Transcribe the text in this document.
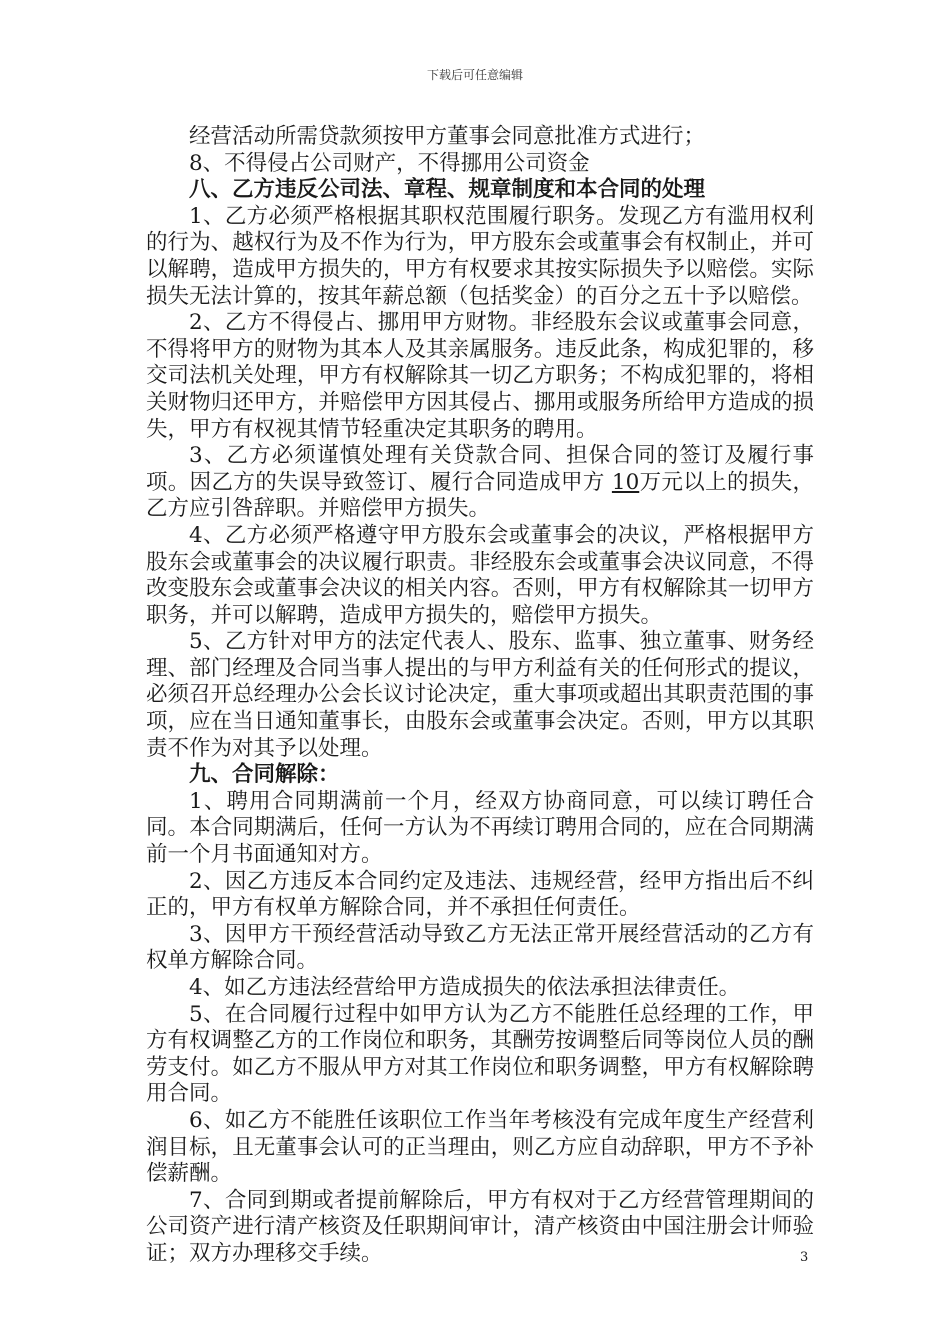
下载后可任意编辑

经营活动所需贷款须按甲方董事会同意批准方式进行；

8、不得侵占公司财产，不得挪用公司资金

八、乙方违反公司法、章程、规章制度和本合同的处理

1、乙方必须严格根据其职权范围履行职务。发现乙方有滥用权利的行为、越权行为及不作为行为，甲方股东会或董事会有权制止，并可以解聘，造成甲方损失的，甲方有权要求其按实际损失予以赔偿。实际损失无法计算的，按其年薪总额（包括奖金）的百分之五十予以赔偿。

2、乙方不得侵占、挪用甲方财物。非经股东会议或董事会同意，不得将甲方的财物为其本人及其亲属服务。违反此条，构成犯罪的，移交司法机关处理，甲方有权解除其一切乙方职务；不构成犯罪的，将相关财物归还甲方，并赔偿甲方因其侵占、挪用或服务所给甲方造成的损失，甲方有权视其情节轻重决定其职务的聘用。

3、乙方必须谨慎处理有关贷款合同、担保合同的签订及履行事项。因乙方的失误导致签订、履行合同造成甲方 10万元以上的损失，乙方应引咎辞职。并赔偿甲方损失。

4、乙方必须严格遵守甲方股东会或董事会的决议，严格根据甲方股东会或董事会的决议履行职责。非经股东会或董事会决议同意，不得改变股东会或董事会决议的相关内容。否则，甲方有权解除其一切甲方职务，并可以解聘，造成甲方损失的，赔偿甲方损失。

5、乙方针对甲方的法定代表人、股东、监事、独立董事、财务经理、部门经理及合同当事人提出的与甲方利益有关的任何形式的提议，必须召开总经理办公会长议讨论决定，重大事项或超出其职责范围的事项，应在当日通知董事长，由股东会或董事会决定。否则，甲方以其职责不作为对其予以处理。

九、合同解除：

1、聘用合同期满前一个月，经双方协商同意，可以续订聘任合同。本合同期满后，任何一方认为不再续订聘用合同的，应在合同期满前一个月书面通知对方。

2、因乙方违反本合同约定及违法、违规经营，经甲方指出后不纠正的，甲方有权单方解除合同，并不承担任何责任。

3、因甲方干预经营活动导致乙方无法正常开展经营活动的乙方有权单方解除合同。

4、如乙方违法经营给甲方造成损失的依法承担法律责任。

5、在合同履行过程中如甲方认为乙方不能胜任总经理的工作，甲方有权调整乙方的工作岗位和职务，其酬劳按调整后同等岗位人员的酬劳支付。如乙方不服从甲方对其工作岗位和职务调整，甲方有权解除聘用合同。

6、如乙方不能胜任该职位工作当年考核没有完成年度生产经营利润目标，且无董事会认可的正当理由，则乙方应自动辞职，甲方不予补偿薪酬。

7、合同到期或者提前解除后，甲方有权对于乙方经营管理期间的公司资产进行清产核资及任职期间审计，清产核资由中国注册会计师验证；双方办理移交手续。	3
